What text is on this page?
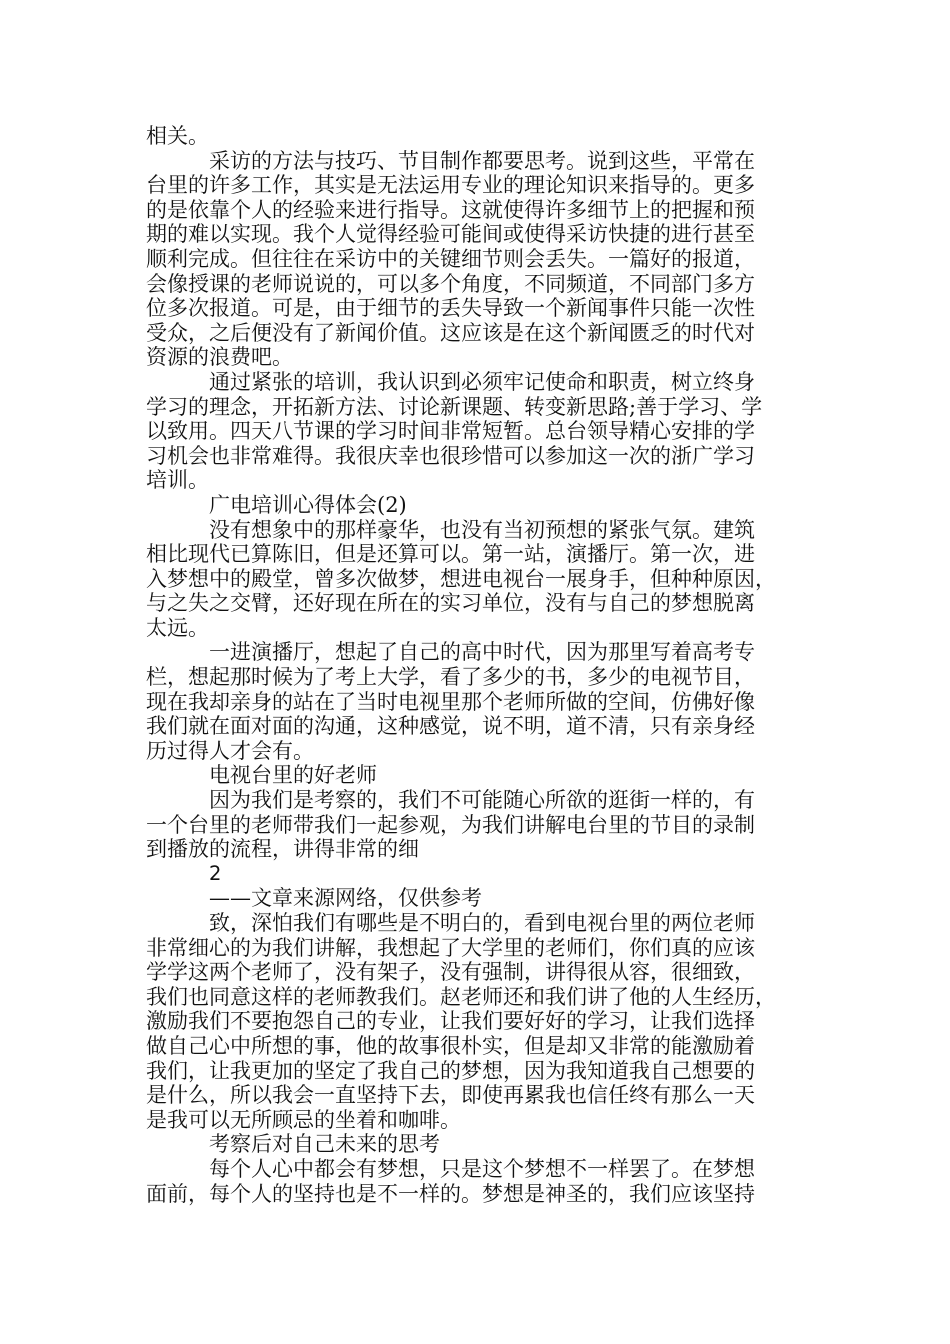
相关。
采访的方法与技巧、节目制作都要思考。说到这些，平常在
台里的许多工作，其实是无法运用专业的理论知识来指导的。更多
的是依靠个人的经验来进行指导。这就使得许多细节上的把握和预
期的难以实现。我个人觉得经验可能间或使得采访快捷的进行甚至
顺利完成。但往往在采访中的关键细节则会丢失。一篇好的报道，
会像授课的老师说说的，可以多个角度，不同频道，不同部门多方
位多次报道。可是，由于细节的丢失导致一个新闻事件只能一次性
受众，之后便没有了新闻价值。这应该是在这个新闻匮乏的时代对
资源的浪费吧。
通过紧张的培训，我认识到必须牢记使命和职责，树立终身
学习的理念，开拓新方法、讨论新课题、转变新思路;善于学习、学
以致用。四天八节课的学习时间非常短暂。总台领导精心安排的学
习机会也非常难得。我很庆幸也很珍惜可以参加这一次的浙广学习
培训。
广电培训心得体会(2)
没有想象中的那样豪华，也没有当初预想的紧张气氛。建筑
相比现代已算陈旧，但是还算可以。第一站，演播厅。第一次，进
入梦想中的殿堂，曾多次做梦，想进电视台一展身手，但种种原因，
与之失之交臂，还好现在所在的实习单位，没有与自己的梦想脱离
太远。
一进演播厅，想起了自己的高中时代，因为那里写着高考专
栏，想起那时候为了考上大学，看了多少的书，多少的电视节目，
现在我却亲身的站在了当时电视里那个老师所做的空间，仿佛好像
我们就在面对面的沟通，这种感觉，说不明，道不清，只有亲身经
历过得人才会有。
电视台里的好老师
因为我们是考察的，我们不可能随心所欲的逛街一样的，有
一个台里的老师带我们一起参观，为我们讲解电台里的节目的录制
到播放的流程，讲得非常的细
2
——文章来源网络，仅供参考
致，深怕我们有哪些是不明白的，看到电视台里的两位老师
非常细心的为我们讲解，我想起了大学里的老师们，你们真的应该
学学这两个老师了，没有架子，没有强制，讲得很从容，很细致，
我们也同意这样的老师教我们。赵老师还和我们讲了他的人生经历，
激励我们不要抱怨自己的专业，让我们要好好的学习，让我们选择
做自己心中所想的事，他的故事很朴实，但是却又非常的能激励着
我们，让我更加的坚定了我自己的梦想，因为我知道我自己想要的
是什么，所以我会一直坚持下去，即使再累我也信任终有那么一天
是我可以无所顾忌的坐着和咖啡。
考察后对自己未来的思考
每个人心中都会有梦想，只是这个梦想不一样罢了。在梦想
面前，每个人的坚持也是不一样的。梦想是神圣的，我们应该坚持
